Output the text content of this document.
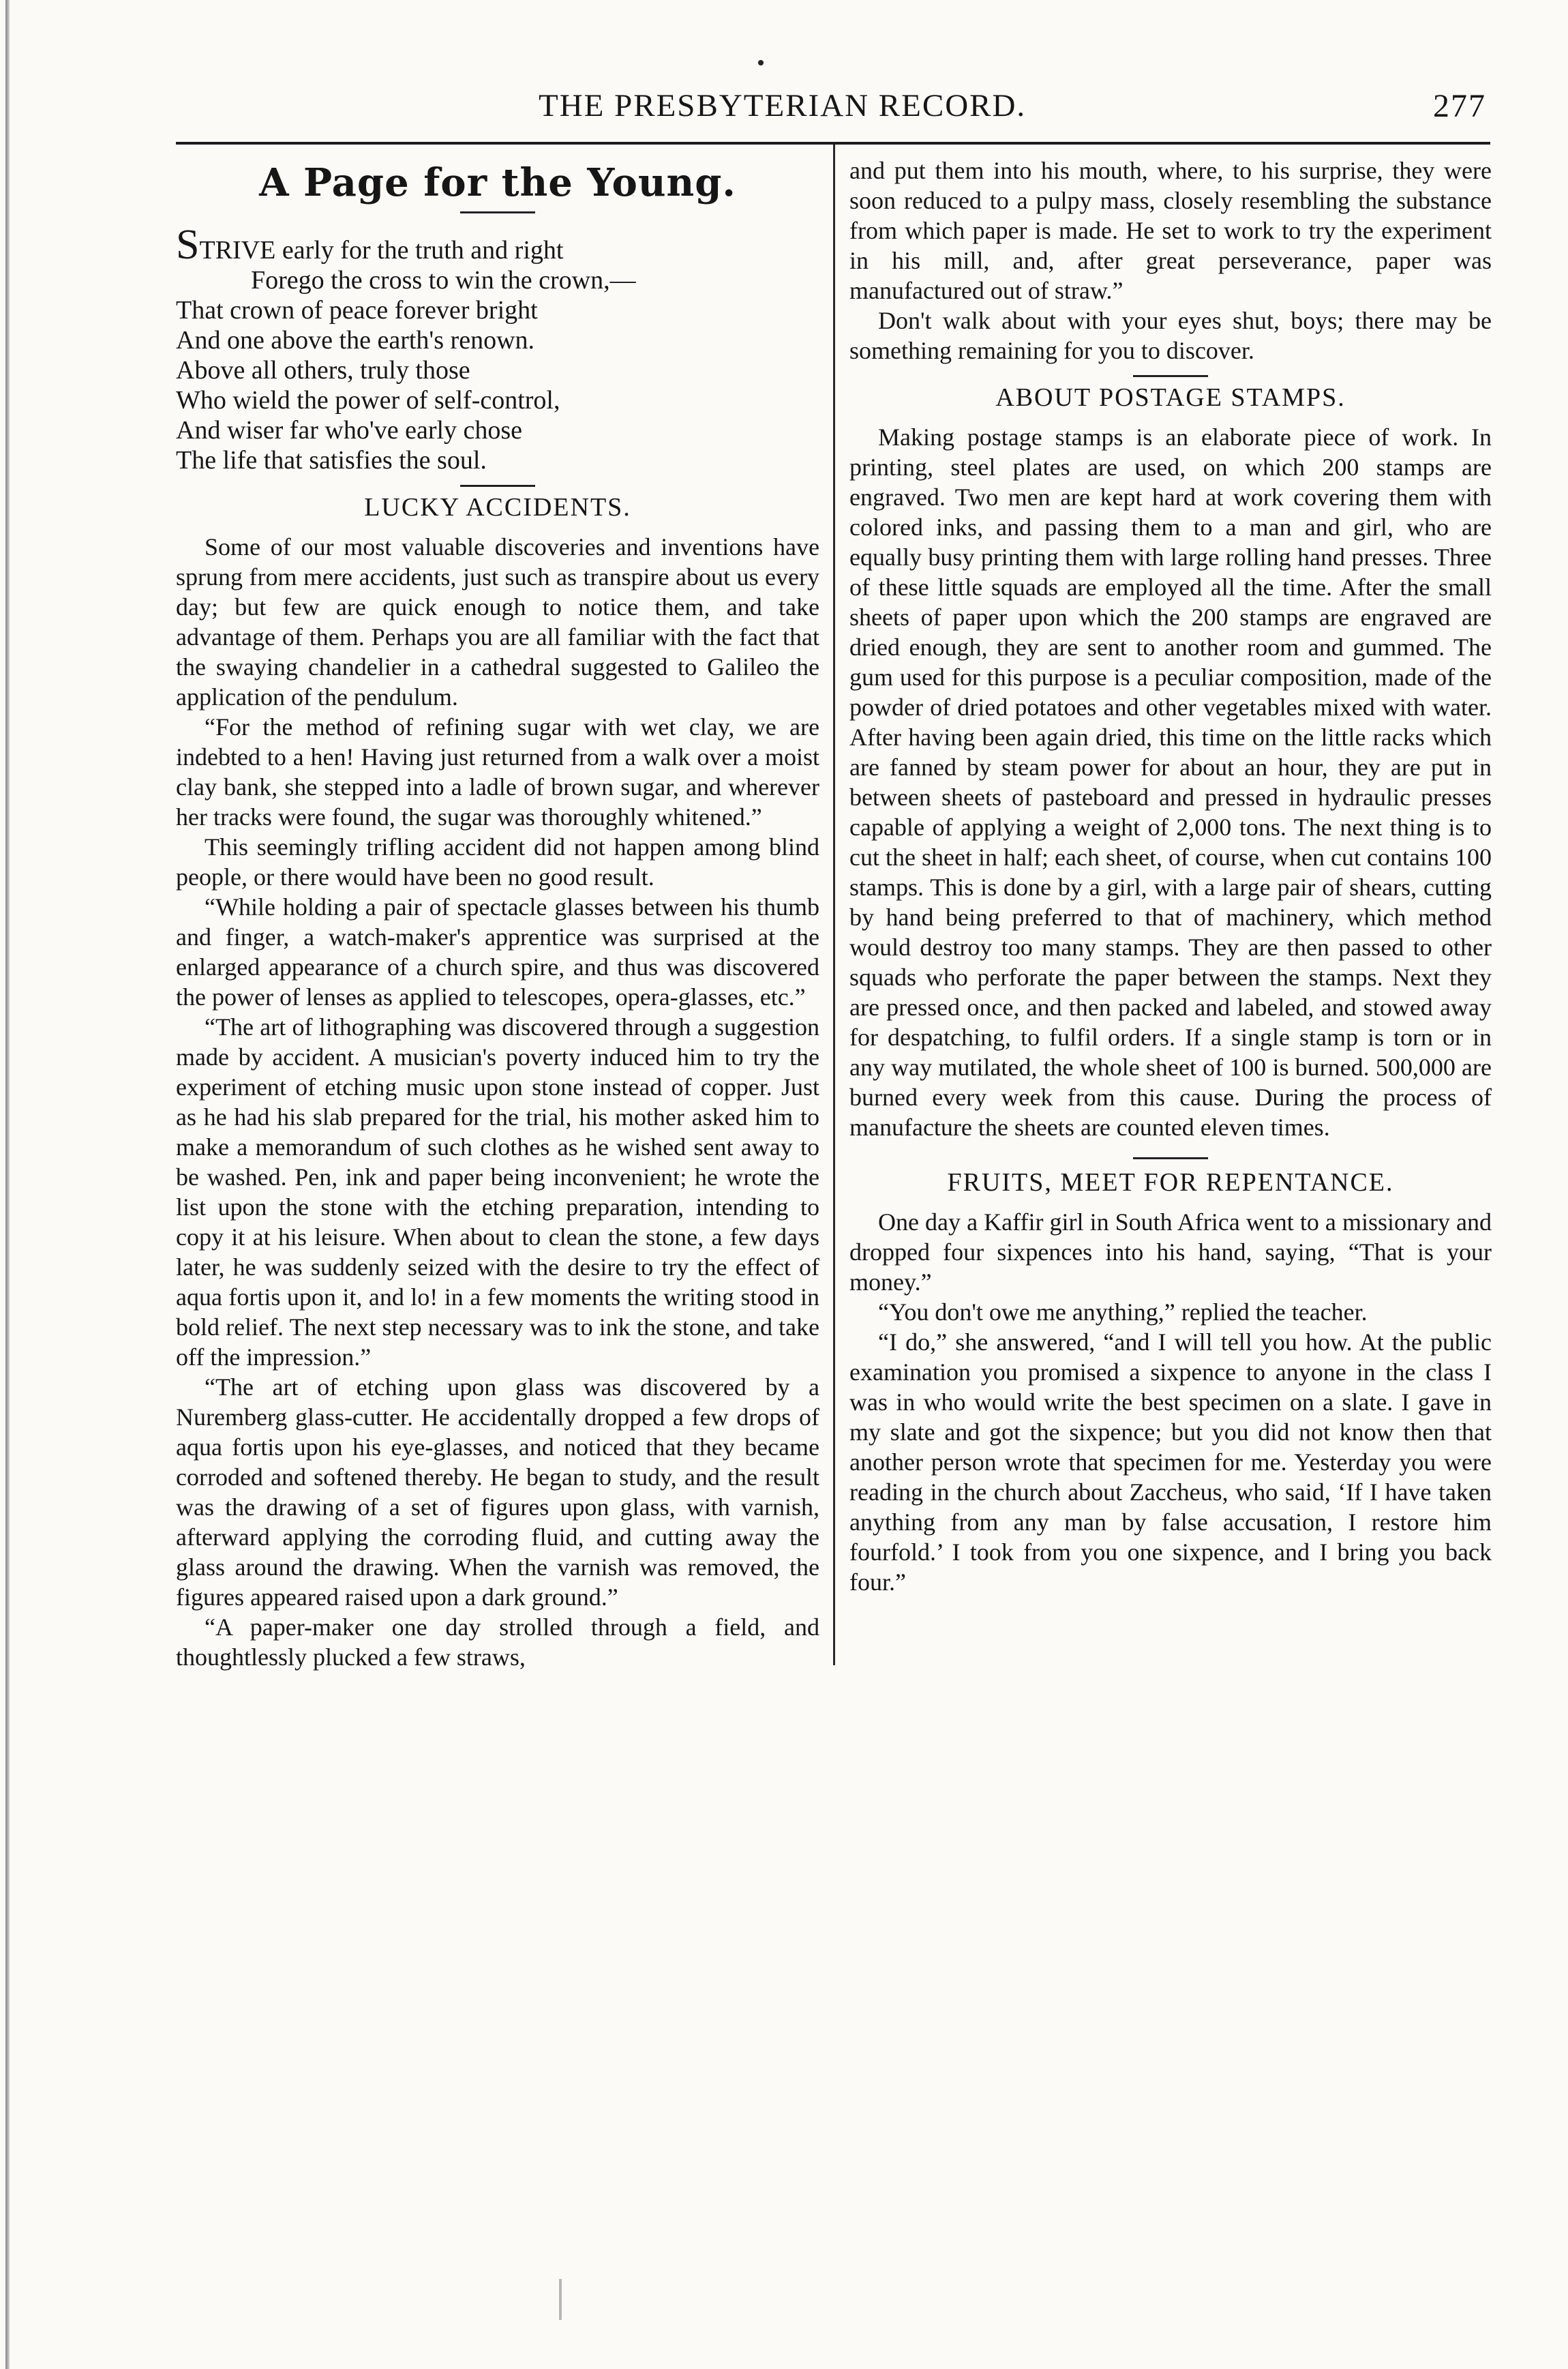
THE PRESBYTERIAN RECORD.	277
A Page for the Young.
STRIVE early for the truth and right
Forego the cross to win the crown,—
That crown of peace forever bright
And one above the earth's renown.
Above all others, truly those
Who wield the power of self-control,
And wiser far who've early chose
The life that satisfies the soul.
LUCKY ACCIDENTS.

Some of our most valuable discoveries and inventions have sprung from mere accidents, just such as transpire about us every day; but few are quick enough to notice them, and take advantage of them. Perhaps you are all familiar with the fact that the swaying chandelier in a cathedral suggested to Galileo the application of the pendulum.

“For the method of refining sugar with wet clay, we are indebted to a hen! Having just returned from a walk over a moist clay bank, she stepped into a ladle of brown sugar, and wherever her tracks were found, the sugar was thoroughly whitened.”

This seemingly trifling accident did not happen among blind people, or there would have been no good result.

“While holding a pair of spectacle glasses between his thumb and finger, a watch-maker's apprentice was surprised at the enlarged appearance of a church spire, and thus was discovered the power of lenses as applied to telescopes, opera-glasses, etc.”

“The art of lithographing was discovered through a suggestion made by accident. A musician's poverty induced him to try the experiment of etching music upon stone instead of copper. Just as he had his slab prepared for the trial, his mother asked him to make a memorandum of such clothes as he wished sent away to be washed. Pen, ink and paper being inconvenient; he wrote the list upon the stone with the etching preparation, intending to copy it at his leisure. When about to clean the stone, a few days later, he was suddenly seized with the desire to try the effect of aqua fortis upon it, and lo! in a few moments the writing stood in bold relief. The next step necessary was to ink the stone, and take off the impression.”

“The art of etching upon glass was discovered by a Nuremberg glass-cutter. He accidentally dropped a few drops of aqua fortis upon his eye-glasses, and noticed that they became corroded and softened thereby. He began to study, and the result was the drawing of a set of figures upon glass, with varnish, afterward applying the corroding fluid, and cutting away the glass around the drawing. When the varnish was removed, the figures appeared raised upon a dark ground.”

“A paper-maker one day strolled through a field, and thoughtlessly plucked a few straws,

and put them into his mouth, where, to his surprise, they were soon reduced to a pulpy mass, closely resembling the substance from which paper is made. He set to work to try the experiment in his mill, and, after great perseverance, paper was manufactured out of straw.”

Don't walk about with your eyes shut, boys; there may be something remaining for you to discover.

ABOUT POSTAGE STAMPS.

Making postage stamps is an elaborate piece of work. In printing, steel plates are used, on which 200 stamps are engraved. Two men are kept hard at work covering them with colored inks, and passing them to a man and girl, who are equally busy printing them with large rolling hand presses. Three of these little squads are employed all the time. After the small sheets of paper upon which the 200 stamps are engraved are dried enough, they are sent to another room and gummed. The gum used for this purpose is a peculiar composition, made of the powder of dried potatoes and other vegetables mixed with water. After having been again dried, this time on the little racks which are fanned by steam power for about an hour, they are put in between sheets of pasteboard and pressed in hydraulic presses capable of applying a weight of 2,000 tons. The next thing is to cut the sheet in half; each sheet, of course, when cut contains 100 stamps. This is done by a girl, with a large pair of shears, cutting by hand being preferred to that of machinery, which method would destroy too many stamps. They are then passed to other squads who perforate the paper between the stamps. Next they are pressed once, and then packed and labeled, and stowed away for despatching, to fulfil orders. If a single stamp is torn or in any way mutilated, the whole sheet of 100 is burned. 500,000 are burned every week from this cause. During the process of manufacture the sheets are counted eleven times.

FRUITS, MEET FOR REPENTANCE.

One day a Kaffir girl in South Africa went to a missionary and dropped four sixpences into his hand, saying, “That is your money.”

“You don't owe me anything,” replied the teacher.

“I do,” she answered, “and I will tell you how. At the public examination you promised a sixpence to anyone in the class I was in who would write the best specimen on a slate. I gave in my slate and got the sixpence; but you did not know then that another person wrote that specimen for me. Yesterday you were reading in the church about Zaccheus, who said, ‘If I have taken anything from any man by false accusation, I restore him fourfold.’ I took from you one sixpence, and I bring you back four.”
